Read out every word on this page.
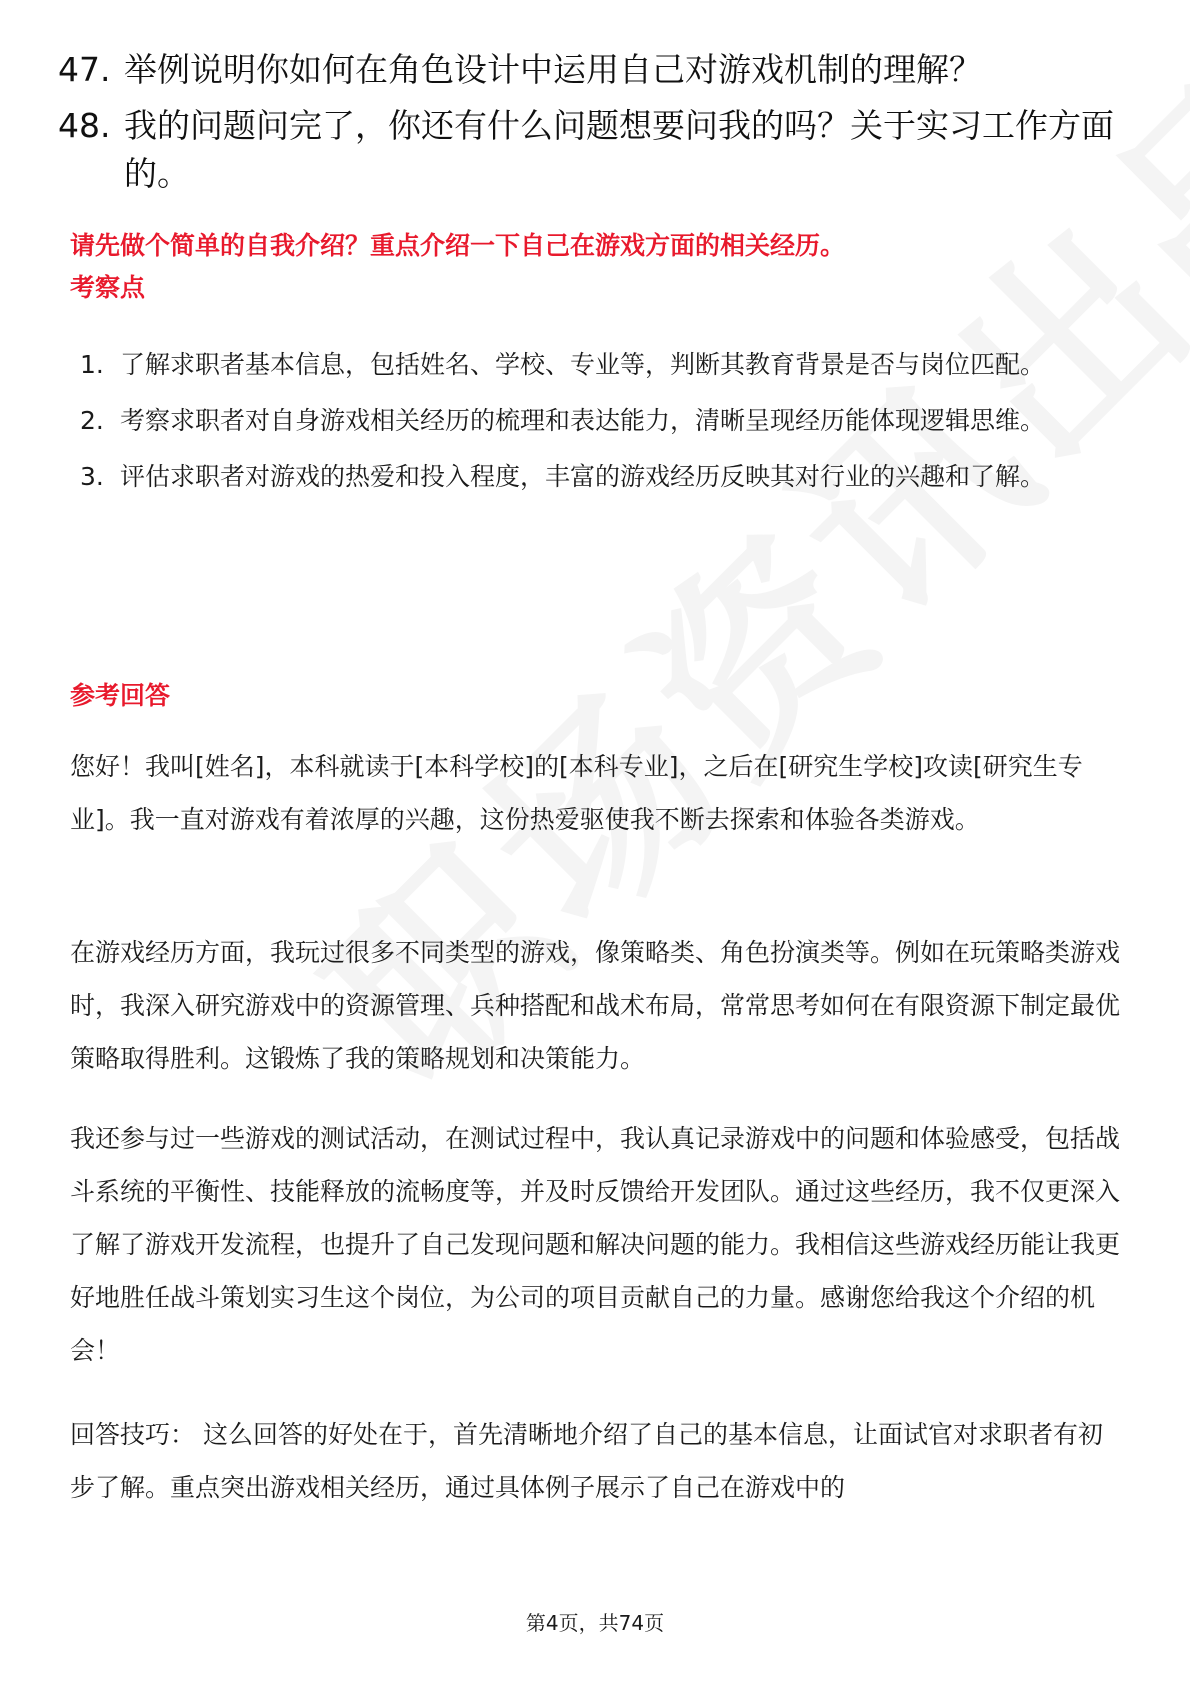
47. 举例说明你如何在角色设计中运用自己对游戏机制的理解？
48. 我的问题问完了，你还有什么问题想要问我的吗？关于实习工作方面的。
请先做个简单的自我介绍？重点介绍一下自己在游戏方面的相关经历。
考察点
1. 了解求职者基本信息，包括姓名、学校、专业等，判断其教育背景是否与岗位匹配。
2. 考察求职者对自身游戏相关经历的梳理和表达能力，清晰呈现经历能体现逻辑思维。
3. 评估求职者对游戏的热爱和投入程度，丰富的游戏经历反映其对行业的兴趣和了解。
参考回答
您好！我叫[姓名]，本科就读于[本科学校]的[本科专业]，之后在[研究生学校]攻读[研究生专业]。我一直对游戏有着浓厚的兴趣，这份热爱驱使我不断去探索和体验各类游戏。
在游戏经历方面，我玩过很多不同类型的游戏，像策略类、角色扮演类等。例如在玩策略类游戏时，我深入研究游戏中的资源管理、兵种搭配和战术布局，常常思考如何在有限资源下制定最优策略取得胜利。这锻炼了我的策略规划和决策能力。
我还参与过一些游戏的测试活动，在测试过程中，我认真记录游戏中的问题和体验感受，包括战斗系统的平衡性、技能释放的流畅度等，并及时反馈给开发团队。通过这些经历，我不仅更深入了解了游戏开发流程，也提升了自己发现问题和解决问题的能力。我相信这些游戏经历能让我更好地胜任战斗策划实习生这个岗位，为公司的项目贡献自己的力量。感谢您给我这个介绍的机会！
回答技巧： 这么回答的好处在于，首先清晰地介绍了自己的基本信息，让面试官对求职者有初步了解。重点突出游戏相关经历，通过具体例子展示了自己在游戏中的
第4页，共74页
